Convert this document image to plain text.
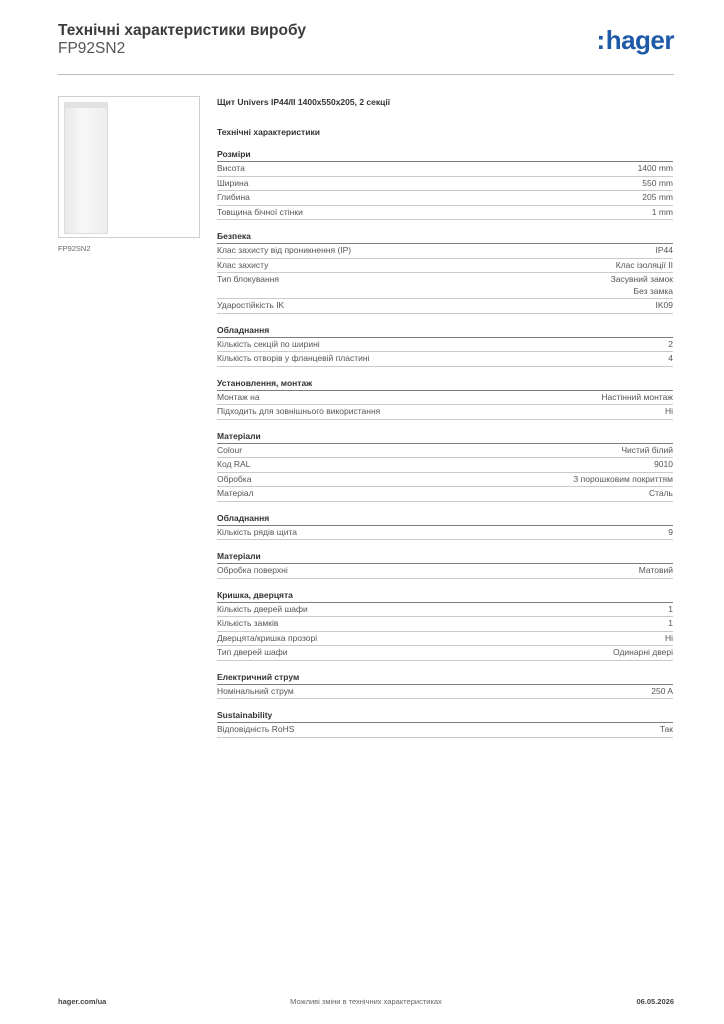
Технічні характеристики виробу
FP92SN2	:hager
FP92SN2
Щит Univers IP44/II 1400x550x205, 2 секції
Технічні характеристики
Розміри
Висота	1400 mm
Ширина	550 mm
Глибина	205 mm
Товщина бічної стінки	1 mm
Безпека
Клас захисту від проникнення (IP)	IP44
Клас захисту	Клас ізоляції II
Тип блокування	Засувний замок
Без замка
Ударостійкість IK	IK09
Обладнання
Кількість секцій по ширині	2
Кількість отворів у фланцевій пластині	4
Установлення, монтаж
Монтаж на	Настінний монтаж
Підходить для зовнішнього використання	Ні
Матеріали
Colour	Чистий білий
Код RAL	9010
Обробка	З порошковим покриттям
Матеріал	Сталь
Обладнання
Кількість рядів щита	9
Матеріали
Обробка поверхні	Матовий
Кришка, дверцята
Кількість дверей шафи	1
Кількість замків	1
Дверцята/кришка прозорі	Ні
Тип дверей шафи	Одинарні двері
Електричний струм
Номінальний струм	250 A
Sustainability
Відповідність RoHS	Так
hager.com/ua	Можливі зміни в технічних характеристиках	06.05.2026
